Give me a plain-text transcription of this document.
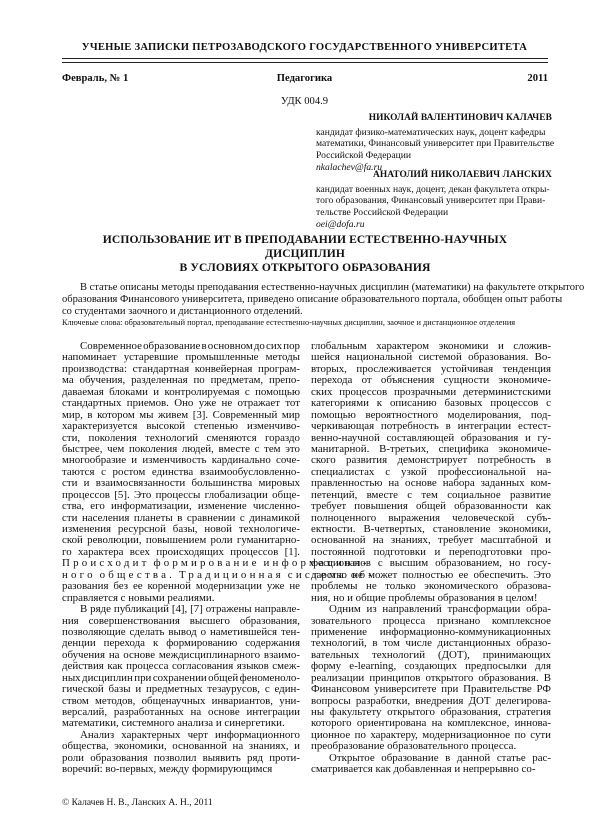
УЧЕНЫЕ ЗАПИСКИ ПЕТРОЗАВОДСКОГО ГОСУДАРСТВЕННОГО УНИВЕРСИТЕТА
Февраль, № 1	Педагогика	2011
УДК 004.9
НИКОЛАЙ ВАЛЕНТИНОВИЧ КАЛАЧЕВ
кандидат физико-математических наук, доцент кафедры
математики, Финансовый университет при Правительстве
Российской Федерации
nkalachev@fa.ru
АНАТОЛИЙ НИКОЛАЕВИЧ ЛАНСКИХ
кандидат военных наук, доцент, декан факультета откры-
того образования, Финансовый университет при Прави-
тельстве Российской Федерации
oei@dofa.ru
ИСПОЛЬЗОВАНИЕ ИТ В ПРЕПОДАВАНИИ ЕСТЕСТВЕННО-НАУЧНЫХ ДИСЦИПЛИН
В УСЛОВИЯХ ОТКРЫТОГО ОБРАЗОВАНИЯ
В статье описаны методы преподавания естественно-научных дисциплин (математики) на факультете открытого
образования Финансового университета, приведено описание образовательного портала, обобщен опыт работы
со студентами заочного и дистанционного отделений.
Ключевые слова: образовательный портал, преподавание естественно-научных дисциплин, заочное и дистанционное отделения
Современное образование в основном до сих пор
напоминает устаревшие промышленные методы
производства: стандартная конвейерная програм-
ма обучения, разделенная по предметам, препо-
даваемая блоками и контролируемая с помощью
стандартных приемов. Оно уже не отражает тот
мир, в котором мы живем [3]. Современный мир
характеризуется высокой степенью изменчиво-
сти, поколения технологий сменяются гораздо
быстрее, чем поколения людей, вместе с тем это
многообразие и изменчивость кардинально соче-
таются с ростом единства взаимообусловленно-
сти и взаимосвязанности большинства мировых
процессов [5]. Это процессы глобализации обще-
ства, его информатизации, изменение численно-
сти населения планеты в сравнении с динамикой
изменения ресурсной базы, новой технологиче-
ской революции, повышением роли гуманитарно-
го характера всех происходящих процессов [1].
Происходит формирование информацион-
ного общества. Традиционная система об-
разования без ее коренной модернизации уже не
справляется с новыми реалиями.
В ряде публикаций [4], [7] отражены направле-
ния совершенствования высшего образования,
позволяющие сделать вывод о наметившейся тен-
денции перехода к формированию содержания
обучения на основе междисциплинарного взаимо-
действия как процесса согласования языков смеж-
ных дисциплин при сохранении общей феноменоло-
гической базы и предметных тезаурусов, с един-
ством методов, общенаучных инвариантов, уни-
версалий, разработанных на основе интеграции
математики, системного анализа и синергетики.
Анализ характерных черт информационного
общества, экономики, основанной на знаниях, и
роли образования позволил выявить ряд проти-
воречий: во-первых, между формирующимся
глобальным характером экономики и сложив-
шейся национальной системой образования. Во-
вторых, прослеживается устойчивая тенденция
перехода от объяснения сущности экономиче-
ских процессов прозрачными детерминистскими
категориями к описанию базовых процессов с
помощью вероятностного моделирования, под-
черкивающая потребность в интеграции естест-
венно-научной составляющей образования и гу-
манитарной. В-третьих, специфика экономиче-
ского развития демонстрирует потребность в
специалистах с узкой профессиональной на-
правленностью на основе набора заданных ком-
петенций, вместе с тем социальное развитие
требует повышения общей образованности как
полноценного выражения человеческой субъ-
ектности. В-четвертых, становление экономики,
основанной на знаниях, требует масштабной и
постоянной подготовки и переподготовки про-
фессионалов с высшим образованием, но госу-
дарство не может полностью ее обеспечить. Это
проблемы не только экономического образова-
ния, но и общие проблемы образования в целом!
Одним из направлений трансформации обра-
зовательного процесса признано комплексное
применение информационно-коммуникационных
технологий, в том числе дистанционных образо-
вательных технологий (ДОТ), принимающих
форму e-learning, создающих предпосылки для
реализации принципов открытого образования. В
Финансовом университете при Правительстве РФ
вопросы разработки, внедрения ДОТ делегирова-
ны факультету открытого образования, стратегия
которого ориентирована на комплексное, иннова-
ционное по характеру, модернизационное по сути
преобразование образовательного процесса.
Открытое образование в данной статье рас-
сматривается как добавленная и непрерывно со-
© Калачев Н. В., Ланских А. Н., 2011
